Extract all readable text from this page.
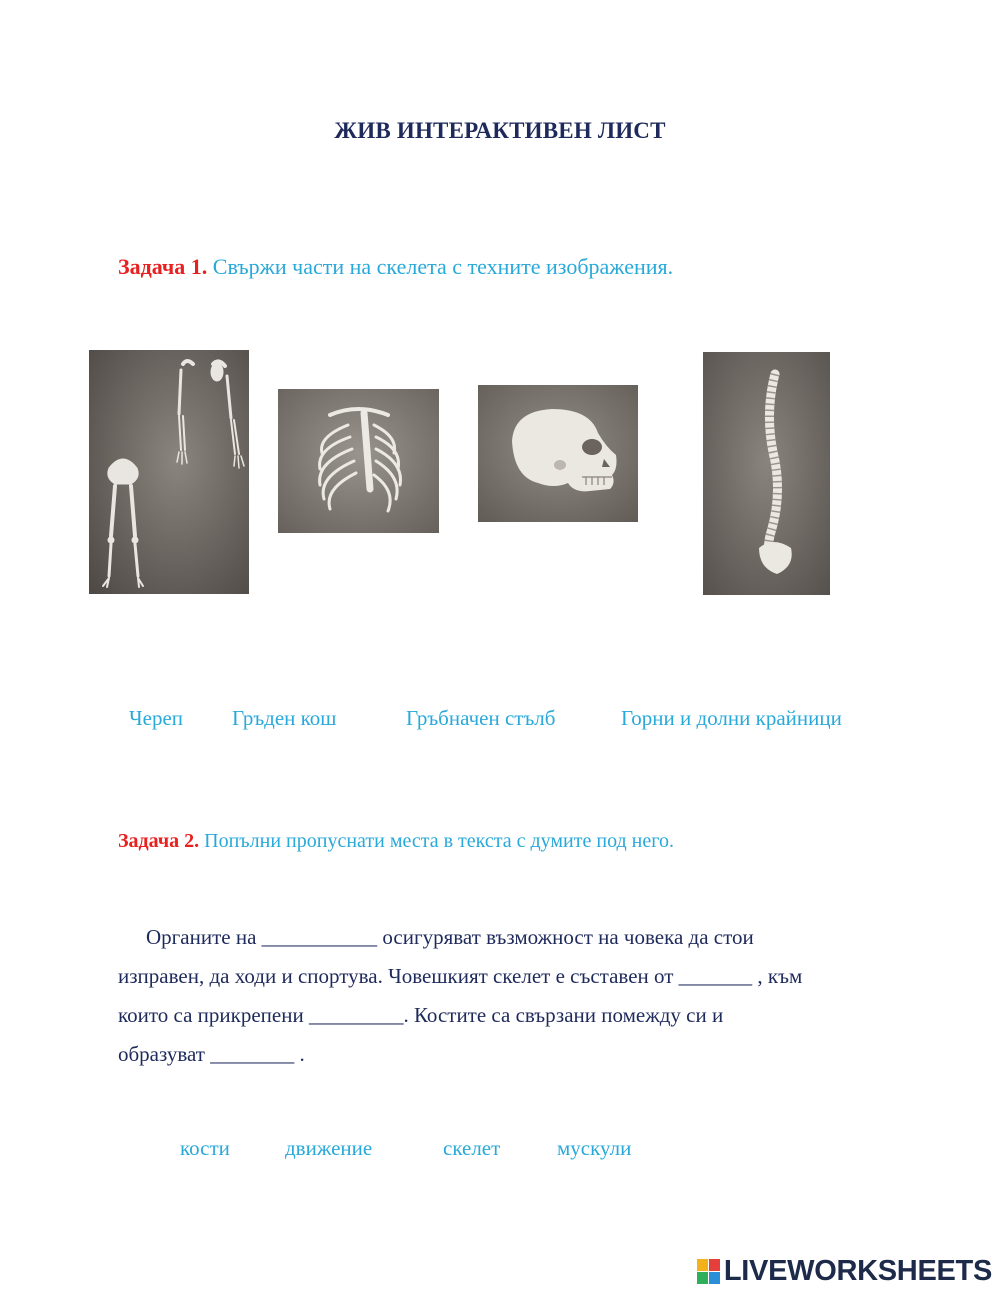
ЖИВ ИНТЕРАКТИВЕН ЛИСТ
Задача 1. Свържи части на скелета с техните изображения.
Череп Гръден кош	Гръбначен стълб	Горни и долни крайници
Задача 2. Попълни пропуснати места в текста с думите под него.

Органите на ___________ осигуряват възможност на човека да стои

изправен, да ходи и спортува. Човешкият скелет е съставен от _______ , към

които са прикрепени _________. Костите са свързани помежду си и

образуват ________ .

кости	движение	скелет	мускули
LIVEWORKSHEETS
